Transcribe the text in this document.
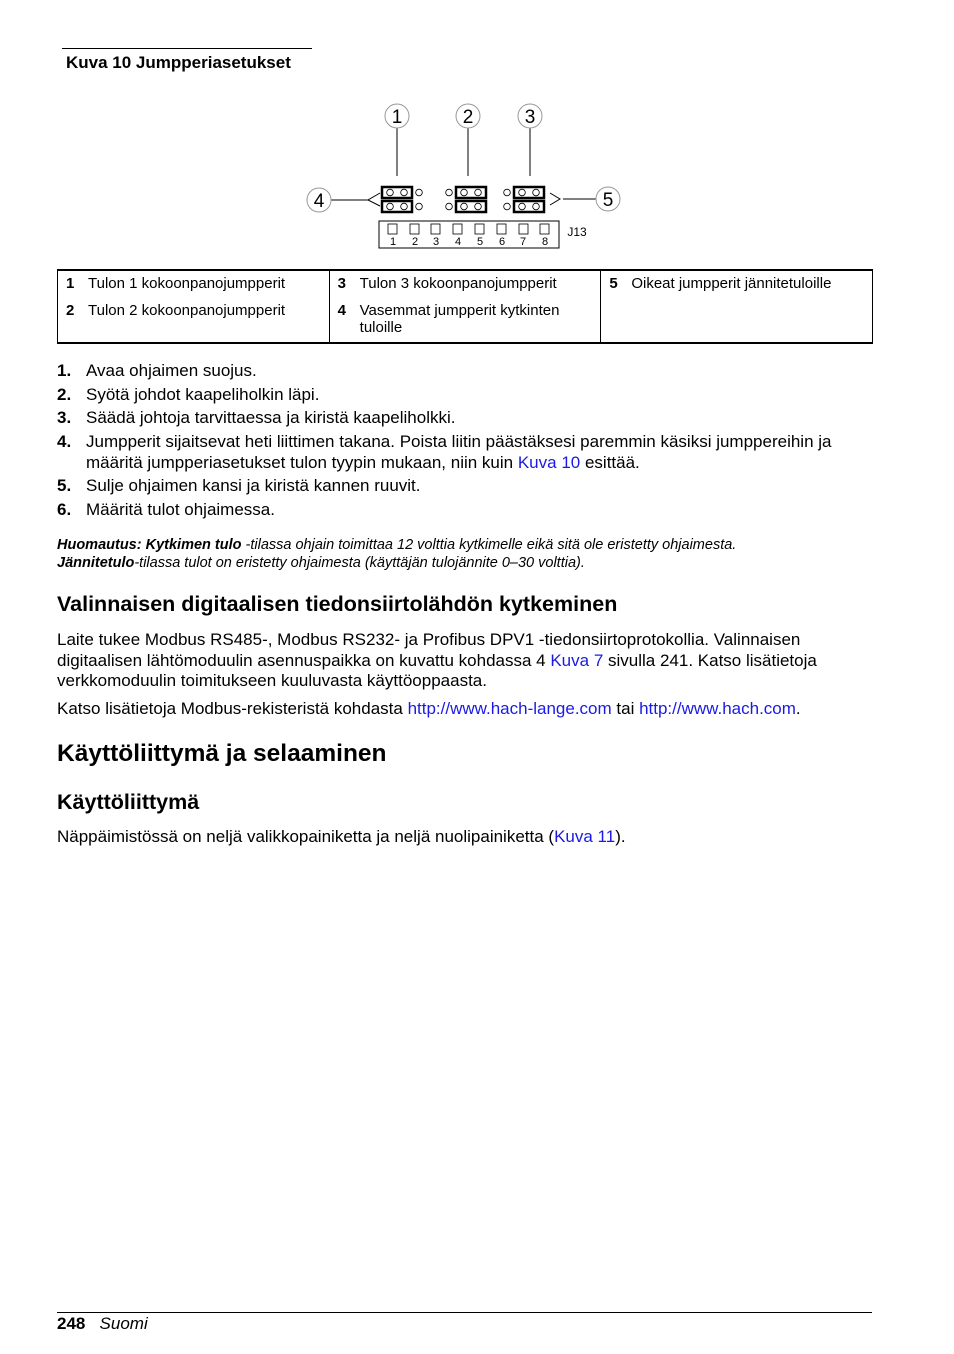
Kuva 10 Jumpperiasetukset
1	2	3
4	5
1 2 3 4 5 6 7 8
J13
1 Tulon 1 kokoonpanojumpperit	3 Tulon 3 kokoonpanojumpperit	5 Oikeat jumpperit jännitetuloille

2 Tulon 2 kokoonpanojumpperit	4 Vasemmat jumpperit kytkinten tuloille	
1. Avaa ohjaimen suojus.
2. Syötä johdot kaapeliholkin läpi.
3. Säädä johtoja tarvittaessa ja kiristä kaapeliholkki.
4. Jumpperit sijaitsevat heti liittimen takana. Poista liitin päästäksesi paremmin käsiksi jumppereihin ja määritä jumpperiasetukset tulon tyypin mukaan, niin kuin Kuva 10 esittää.
5. Sulje ohjaimen kansi ja kiristä kannen ruuvit.
6. Määritä tulot ohjaimessa.
Huomautus: Kytkimen tulo -tilassa ohjain toimittaa 12 volttia kytkimelle eikä sitä ole eristetty ohjaimesta.
Jännitetulo-tilassa tulot on eristetty ohjaimesta (käyttäjän tulojännite 0–30 volttia).
Valinnaisen digitaalisen tiedonsiirtolähdön kytkeminen

Laite tukee Modbus RS485-, Modbus RS232- ja Profibus DPV1 -tiedonsiirtoprotokollia. Valinnaisen digitaalisen lähtömoduulin asennuspaikka on kuvattu kohdassa 4 Kuva 7 sivulla 241. Katso lisätietoja verkkomoduulin toimitukseen kuuluvasta käyttöoppaasta.

Katso lisätietoja Modbus-rekisteristä kohdasta http://www.hach-lange.com tai http://www.hach.com.

Käyttöliittymä ja selaaminen
Käyttöliittymä

Näppäimistössä on neljä valikkopainiketta ja neljä nuolipainiketta (Kuva 11).

248 Suomi
